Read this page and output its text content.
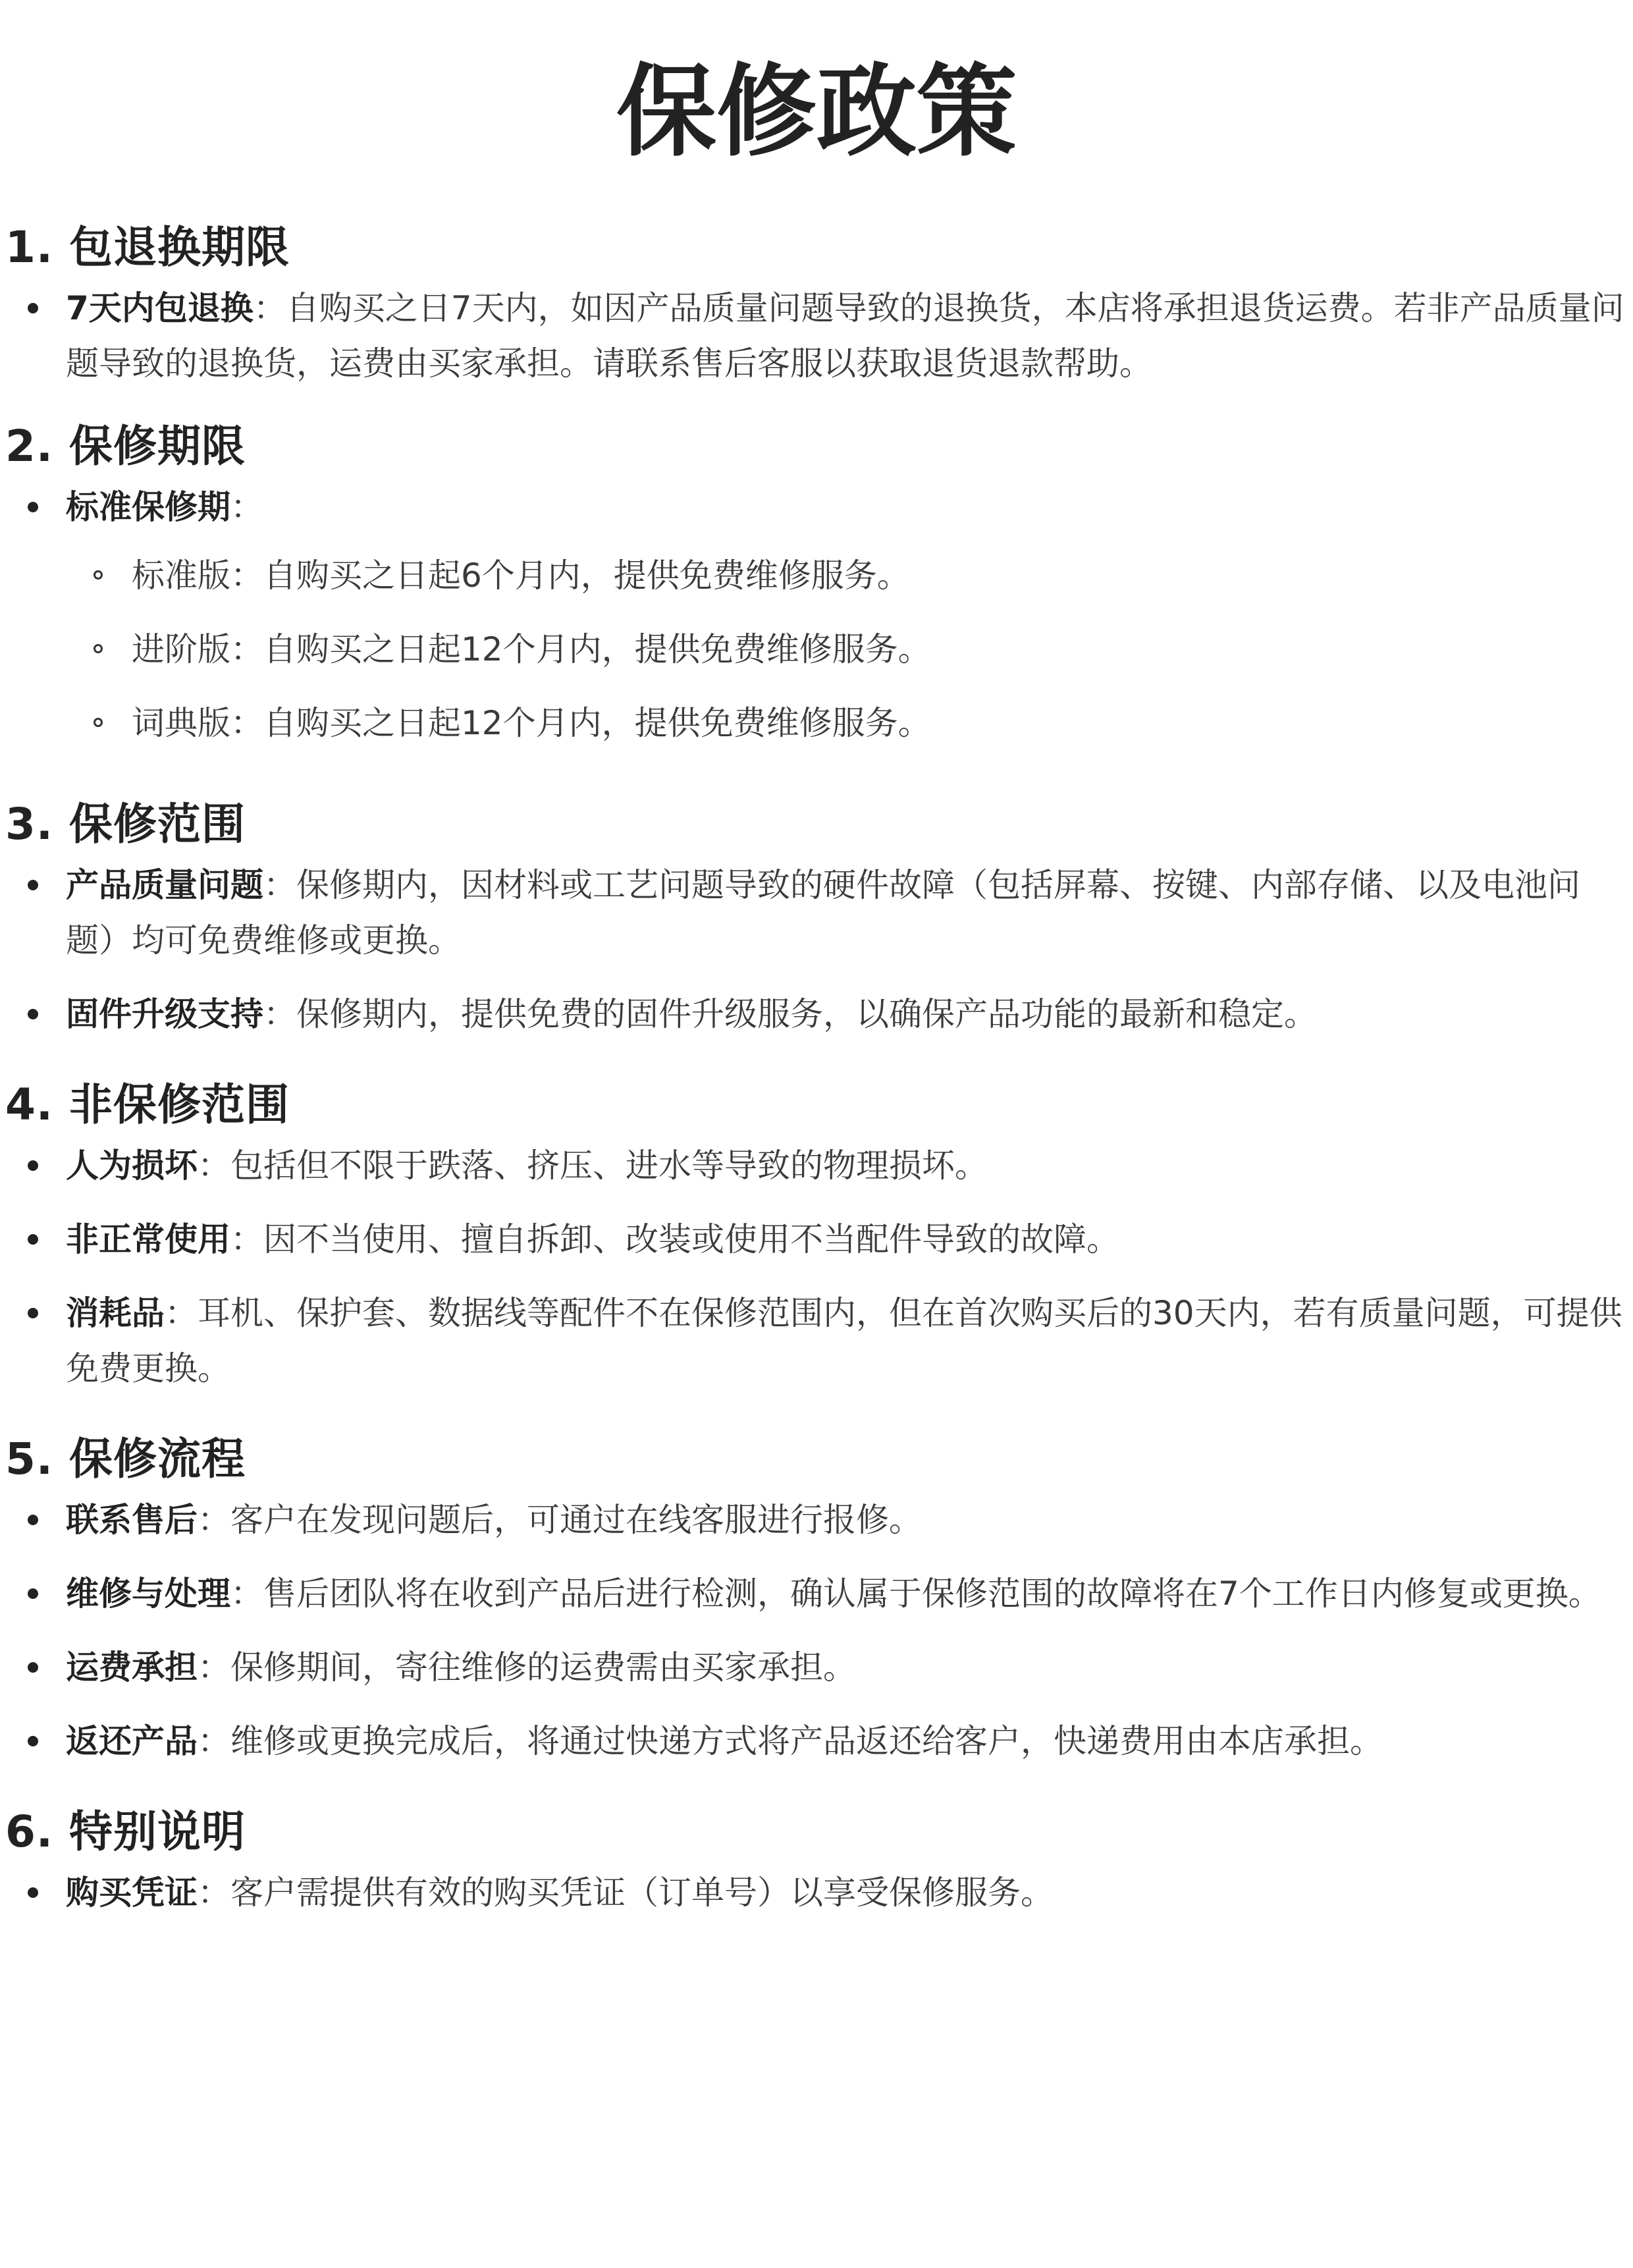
保修政策
1. 包退换期限
7天内包退换：自购买之日7天内，如因产品质量问题导致的退换货，本店将承担退货运费。若非产品质量问题导致的退换货，运费由买家承担。请联系售后客服以获取退货退款帮助。
2. 保修期限
标准保修期：
标准版：自购买之日起6个月内，提供免费维修服务。
进阶版：自购买之日起12个月内，提供免费维修服务。
词典版：自购买之日起12个月内，提供免费维修服务。
3. 保修范围
产品质量问题：保修期内，因材料或工艺问题导致的硬件故障（包括屏幕、按键、内部存储、以及电池问题）均可免费维修或更换。
固件升级支持：保修期内，提供免费的固件升级服务，以确保产品功能的最新和稳定。
4. 非保修范围
人为损坏：包括但不限于跌落、挤压、进水等导致的物理损坏。
非正常使用：因不当使用、擅自拆卸、改装或使用不当配件导致的故障。
消耗品：耳机、保护套、数据线等配件不在保修范围内，但在首次购买后的30天内，若有质量问题，可提供免费更换。
5. 保修流程
联系售后：客户在发现问题后，可通过在线客服进行报修。
维修与处理：售后团队将在收到产品后进行检测，确认属于保修范围的故障将在7个工作日内修复或更换。
运费承担：保修期间，寄往维修的运费需由买家承担。
返还产品：维修或更换完成后，将通过快递方式将产品返还给客户，快递费用由本店承担。
6. 特别说明
购买凭证：客户需提供有效的购买凭证（订单号）以享受保修服务。
